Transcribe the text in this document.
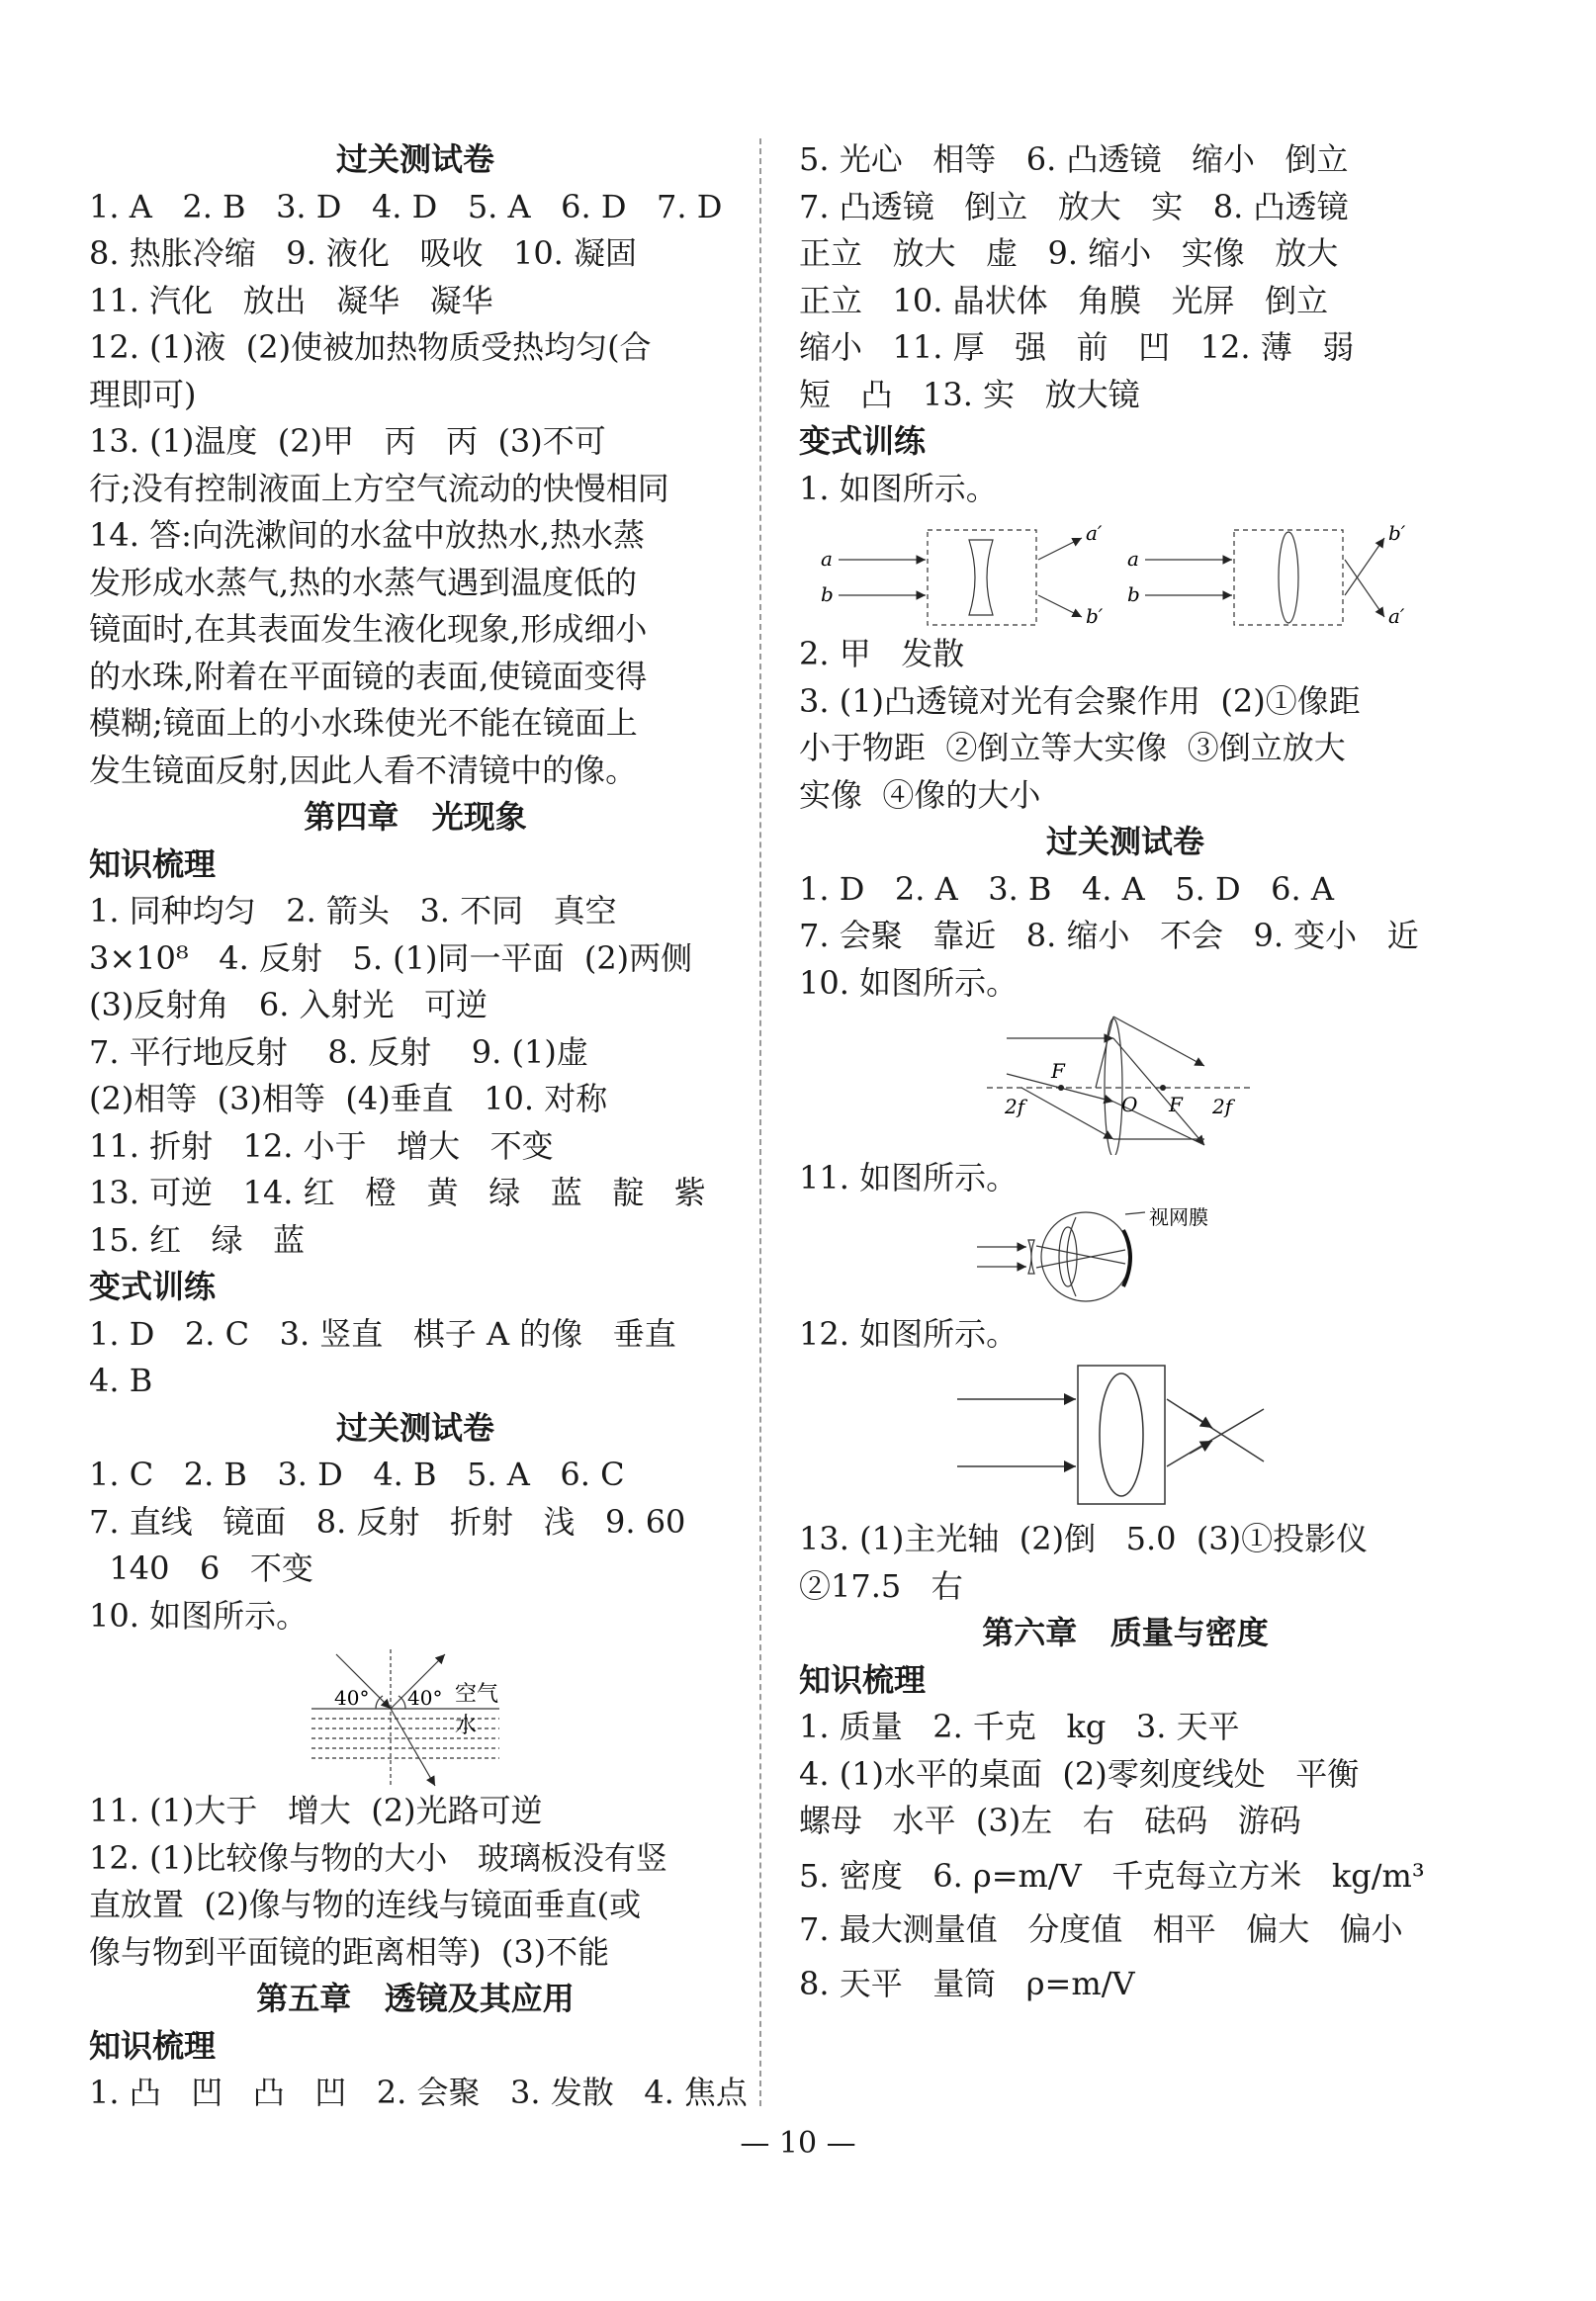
过关测试卷
1. A   2. B   3. D   4. D   5. A   6. D   7. D
8. 热胀冷缩   9. 液化   吸收   10. 凝固
11. 汽化   放出   凝华   凝华
12. (1)液  (2)使被加热物质受热均匀(合
理即可)
13. (1)温度  (2)甲   丙   丙  (3)不可
行;没有控制液面上方空气流动的快慢相同
14. 答:向洗漱间的水盆中放热水,热水蒸
发形成水蒸气,热的水蒸气遇到温度低的
镜面时,在其表面发生液化现象,形成细小
的水珠,附着在平面镜的表面,使镜面变得
模糊;镜面上的小水珠使光不能在镜面上
发生镜面反射,因此人看不清镜中的像。
第四章   光现象
知识梳理
1. 同种均匀   2. 箭头   3. 不同   真空
3×10⁸   4. 反射   5. (1)同一平面  (2)两侧
(3)反射角   6. 入射光   可逆
7. 平行地反射    8. 反射    9. (1)虚
(2)相等  (3)相等  (4)垂直   10. 对称
11. 折射   12. 小于   增大   不变
13. 可逆   14. 红   橙   黄   绿   蓝   靛   紫
15. 红   绿   蓝
变式训练
1. D   2. C   3. 竖直   棋子 A 的像   垂直
4. B
过关测试卷
1. C   2. B   3. D   4. B   5. A   6. C
7. 直线   镜面   8. 反射   折射   浅   9. 60
140   6   不变
10. 如图所示。
40° 40° 空气
水
11. (1)大于   增大  (2)光路可逆
12. (1)比较像与物的大小   玻璃板没有竖
直放置  (2)像与物的连线与镜面垂直(或
像与物到平面镜的距离相等)  (3)不能
第五章   透镜及其应用
知识梳理
1. 凸   凹   凸   凹   2. 会聚   3. 发散   4. 焦点
5. 光心   相等   6. 凸透镜   缩小   倒立
7. 凸透镜   倒立   放大   实   8. 凸透镜
正立   放大   虚   9. 缩小   实像   放大
正立   10. 晶状体   角膜   光屏   倒立
缩小   11. 厚   强   前   凹   12. 薄   弱
短   凸   13. 实   放大镜
变式训练
1. 如图所示。
a
b
a′
b′
a
b
b′
a′
2. 甲   发散
3. (1)凸透镜对光有会聚作用  (2)①像距
小于物距  ②倒立等大实像  ③倒立放大
实像  ④像的大小
过关测试卷
1. D   2. A   3. B   4. A   5. D   6. A
7. 会聚   靠近   8. 缩小   不会   9. 变小   近
10. 如图所示。
F
O F
2f	2f
11. 如图所示。
视网膜
12. 如图所示。
13. (1)主光轴  (2)倒   5.0  (3)①投影仪
②17.5   右
第六章   质量与密度
知识梳理
1. 质量   2. 千克   kg   3. 天平
4. (1)水平的桌面  (2)零刻度线处   平衡
螺母   水平  (3)左   右   砝码   游码
5. 密度   6. ρ=m/V   千克每立方米   kg/m³
7. 最大测量值   分度值   相平   偏大   偏小
8. 天平   量筒   ρ=m/V
— 10 —
